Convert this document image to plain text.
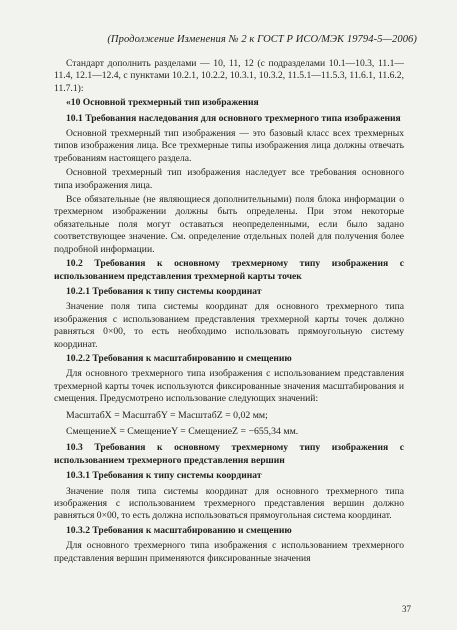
(Продолжение Изменения № 2 к ГОСТ Р ИСО/МЭК 19794-5—2006)

Стандарт дополнить разделами — 10, 11, 12 (с подразделами 10.1—10.3, 11.1—11.4, 12.1—12.4, с пунктами 10.2.1, 10.2.2, 10.3.1, 10.3.2, 11.5.1—11.5.3, 11.6.1, 11.6.2, 11.7.1):

«10 Основной трехмерный тип изображения

10.1 Требования наследования для основного трехмерного типа изображения

Основной трехмерный тип изображения — это базовый класс всех трехмерных типов изображения лица. Все трехмерные типы изображения лица должны отвечать требованиям настоящего раздела.

Основной трехмерный тип изображения наследует все требования основного типа изображения лица.

Все обязательные (не являющиеся дополнительными) поля блока информации о трехмерном изображении должны быть определены. При этом некоторые обязательные поля могут оставаться неопределенными, если было задано соответствующее значение. См. определение отдельных полей для получения более подробной информации.

10.2 Требования к основному трехмерному типу изображения с использованием представления трехмерной карты точек

10.2.1 Требования к типу системы координат

Значение поля типа системы координат для основного трехмерного типа изображения с использованием представления трехмерной карты точек должно равняться 0×00, то есть необходимо использовать прямоугольную систему координат.

10.2.2 Требования к масштабированию и смещению

Для основного трехмерного типа изображения с использованием представления трехмерной карты точек используются фиксированные значения масштабирования и смещения. Предусмотрено использование следующих значений:

МасштабX = МасштабY = МасштабZ = 0,02 мм;

СмещениеX = СмещениеY = СмещениеZ = −655,34 мм.

10.3 Требования к основному трехмерному типу изображения с использованием трехмерного представления вершин

10.3.1 Требования к типу системы координат

Значение поля типа системы координат для основного трехмерного типа изображения с использованием трехмерного представления вершин должно равняться 0×00, то есть должна использоваться прямоугольная система координат.

10.3.2 Требования к масштабированию и смещению

Для основного трехмерного типа изображения с использованием трехмерного представления вершин применяются фиксированные значения

37
